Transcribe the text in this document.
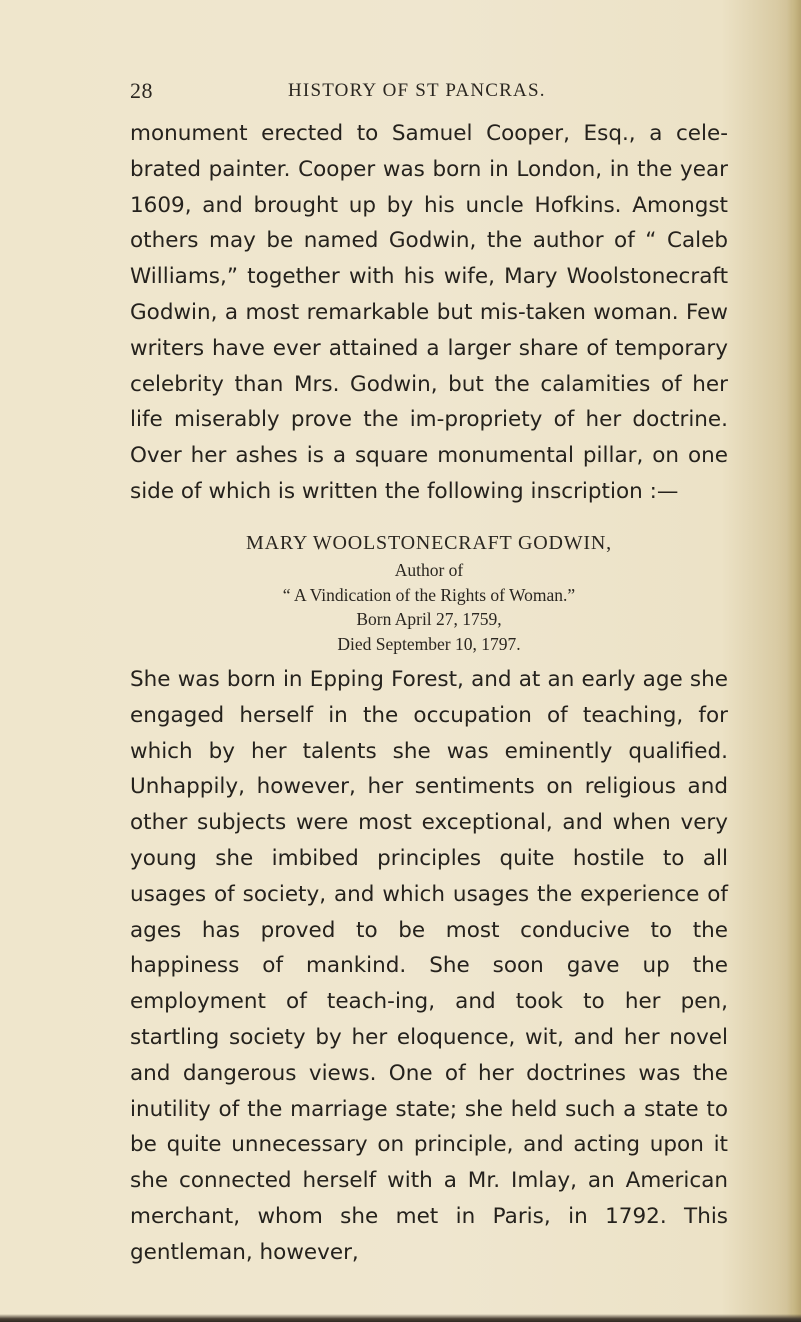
28	HISTORY OF ST PANCRAS.
monument erected to Samuel Cooper, Esq., a cele-brated painter. Cooper was born in London, in the year 1609, and brought up by his uncle Hofkins. Amongst others may be named Godwin, the author of “ Caleb Williams,” together with his wife, Mary Woolstonecraft Godwin, a most remarkable but mis-taken woman. Few writers have ever attained a larger share of temporary celebrity than Mrs. Godwin, but the calamities of her life miserably prove the im-propriety of her doctrine. Over her ashes is a square monumental pillar, on one side of which is written the following inscription :—
MARY WOOLSTONECRAFT GODWIN,
Author of
“ A Vindication of the Rights of Woman.”
Born April 27, 1759,
Died September 10, 1797.
She was born in Epping Forest, and at an early age she engaged herself in the occupation of teaching, for which by her talents she was eminently qualified. Unhappily, however, her sentiments on religious and other subjects were most exceptional, and when very young she imbibed principles quite hostile to all usages of society, and which usages the experience of ages has proved to be most conducive to the happiness of mankind. She soon gave up the employment of teach-ing, and took to her pen, startling society by her eloquence, wit, and her novel and dangerous views. One of her doctrines was the inutility of the marriage state; she held such a state to be quite unnecessary on principle, and acting upon it she connected herself with a Mr. Imlay, an American merchant, whom she met in Paris, in 1792. This gentleman, however,
